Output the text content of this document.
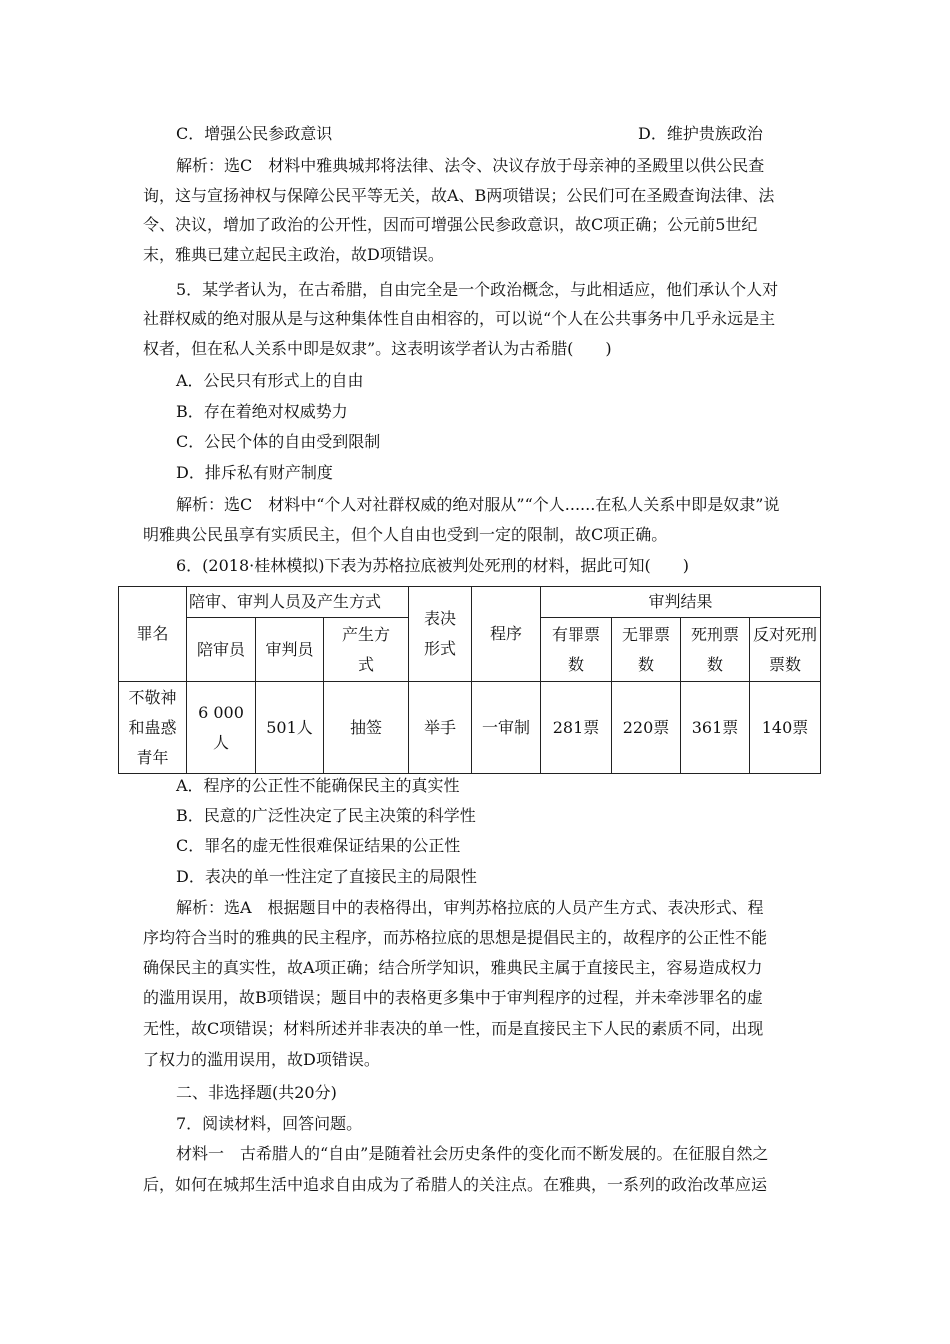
C．增强公民参政意识	D．维护贵族政治
解析：选C　材料中雅典城邦将法律、法令、决议存放于母亲神的圣殿里以供公民查
询，这与宣扬神权与保障公民平等无关，故A、B两项错误；公民们可在圣殿查询法律、法
令、决议，增加了政治的公开性，因而可增强公民参政意识，故C项正确；公元前5世纪
末，雅典已建立起民主政治，故D项错误。
5．某学者认为，在古希腊，自由完全是一个政治概念，与此相适应，他们承认个人对
社群权威的绝对服从是与这种集体性自由相容的，可以说“个人在公共事务中几乎永远是主
权者，但在私人关系中即是奴隶”。这表明该学者认为古希腊(　　)
A．公民只有形式上的自由
B．存在着绝对权威势力
C．公民个体的自由受到限制
D．排斥私有财产制度
解析：选C　材料中“个人对社群权威的绝对服从”“个人......在私人关系中即是奴隶”说
明雅典公民虽享有实质民主，但个人自由也受到一定的限制，故C项正确。
6．(2018·桂林模拟)下表为苏格拉底被判处死刑的材料，据此可知(　　)
罪名	陪审、审判人员及产生方式			表决形式	程序	审判结果			
	陪审员	审判员	产生方式			有罪票数	无罪票数	死刑票数	反对死刑票数

不敬神和蛊惑青年	6 000人	501人	抽签	举手	一审制	281票	220票	361票	140票
A．程序的公正性不能确保民主的真实性
B．民意的广泛性决定了民主决策的科学性
C．罪名的虚无性很难保证结果的公正性
D．表决的单一性注定了直接民主的局限性
解析：选A　根据题目中的表格得出，审判苏格拉底的人员产生方式、表决形式、程
序均符合当时的雅典的民主程序，而苏格拉底的思想是提倡民主的，故程序的公正性不能
确保民主的真实性，故A项正确；结合所学知识，雅典民主属于直接民主，容易造成权力
的滥用误用，故B项错误；题目中的表格更多集中于审判程序的过程，并未牵涉罪名的虚
无性，故C项错误；材料所述并非表决的单一性，而是直接民主下人民的素质不同，出现
了权力的滥用误用，故D项错误。
二、非选择题(共20分)
7．阅读材料，回答问题。
材料一　古希腊人的“自由”是随着社会历史条件的变化而不断发展的。在征服自然之
后，如何在城邦生活中追求自由成为了希腊人的关注点。在雅典，一系列的政治改革应运
